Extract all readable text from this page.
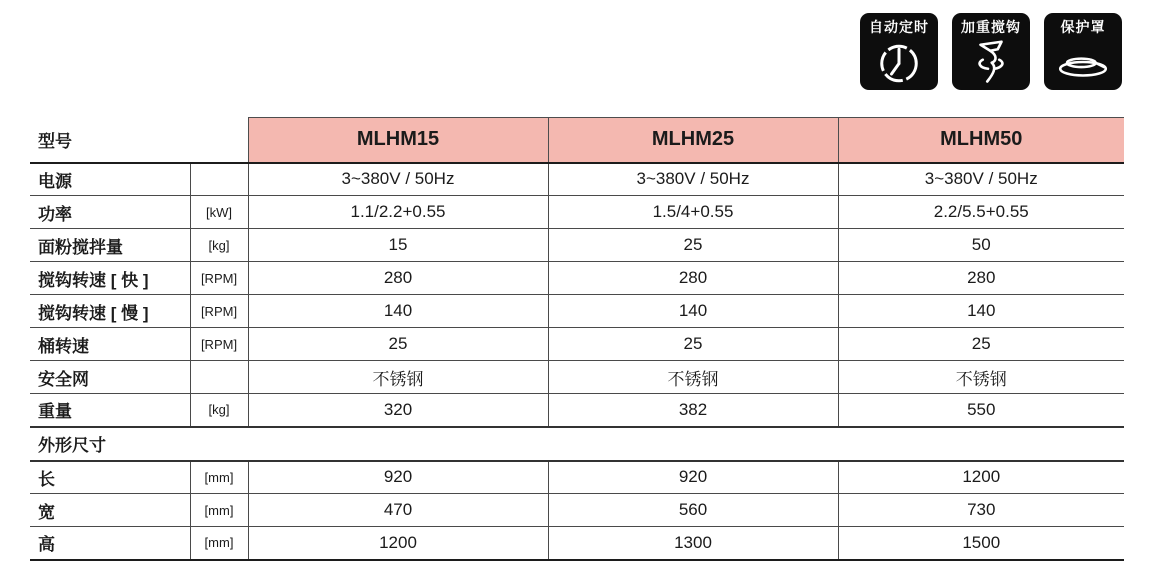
自动定时 加重搅钩	保护罩
型号		MLHM15	MLHM25	MLHM50
电源		3~380V / 50Hz	3~380V / 50Hz	3~380V / 50Hz
功率	[kW]	1.1/2.2+0.55	1.5/4+0.55	2.2/5.5+0.55
面粉搅拌量	[kg]	15	25	50
搅钩转速 [ 快 ]	[RPM]	280	280	280
搅钩转速 [ 慢 ]	[RPM]	140	140	140
桶转速	[RPM]	25	25	25
安全网		不锈钢	不锈钢	不锈钢
重量	[kg]	320	382	550
外形尺寸				
长	[mm]	920	920	1200
宽	[mm]	470	560	730
高	[mm]	1200	1300	1500
